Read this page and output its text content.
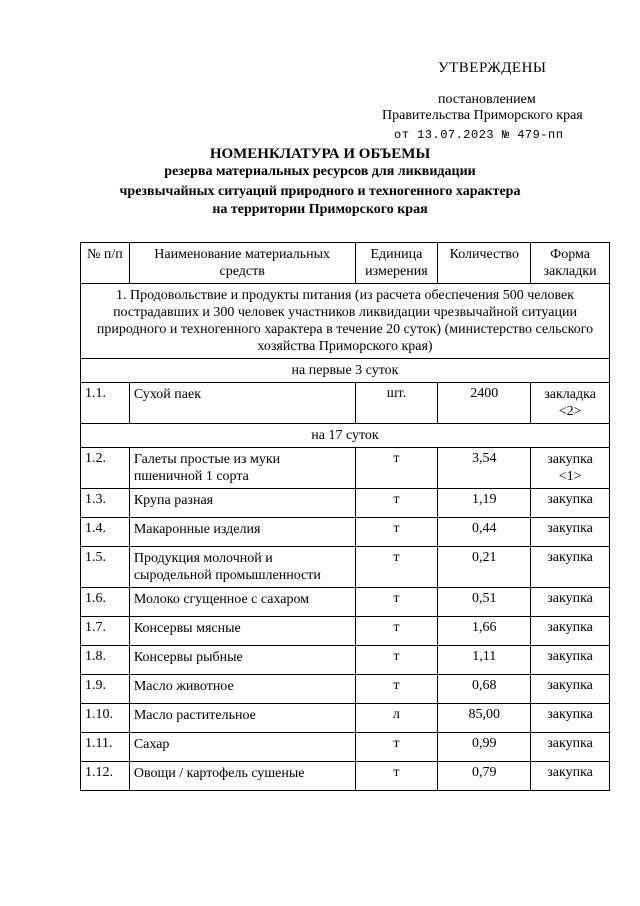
УТВЕРЖДЕНЫ
постановлением
Правительства Приморского края
от 13.07.2023 № 479-пп
НОМЕНКЛАТУРА И ОБЪЕМЫ
резерва материальных ресурсов для ликвидации
чрезвычайных ситуаций природного и техногенного характера
на территории Приморского края
№ п/п	Наименование материальных средств	Единица измерения	Количество	Форма закладки
1. Продовольствие и продукты питания (из расчета обеспечения 500 человек пострадавших и 300 человек участников ликвидации чрезвычайной ситуации природного и техногенного характера в течение 20 суток) (министерство сельского хозяйства Приморского края)				
на первые 3 суток				
1.1.	Сухой паек	шт.	2400	закладка <2>
на 17 суток				
1.2.	Галеты простые из муки пшеничной 1 сорта	т	3,54	закупка <1>
1.3.	Крупа разная	т	1,19	закупка
1.4.	Макаронные изделия	т	0,44	закупка
1.5.	Продукция молочной и сыродельной промышленности	т	0,21	закупка
1.6.	Молоко сгущенное с сахаром	т	0,51	закупка
1.7.	Консервы мясные	т	1,66	закупка
1.8.	Консервы рыбные	т	1,11	закупка
1.9.	Масло животное	т	0,68	закупка
1.10.	Масло растительное	л	85,00	закупка
1.11.	Сахар	т	0,99	закупка
1.12.	Овощи / картофель сушеные	т	0,79	закупка
